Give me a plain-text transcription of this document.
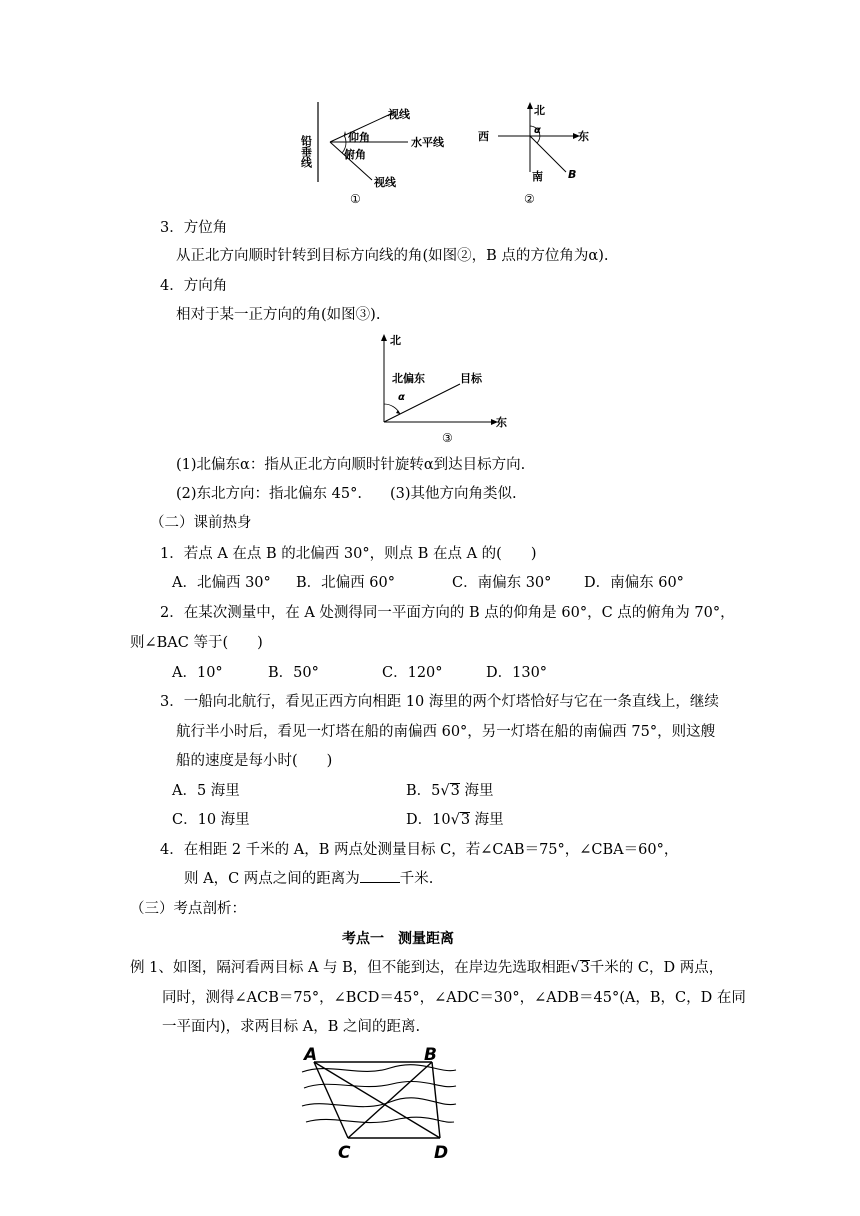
铅垂线
视线
仰角	水平线
俯角
视线
①
北
西	东
南
α
B
②
3．方位角
从正北方向顺时针转到目标方向线的角(如图②，B 点的方位角为α).
4．方向角
相对于某一正方向的角(如图③).
北
北偏东	目标
α
东
③
(1)北偏东α：指从正北方向顺时针旋转α到达目标方向.
(2)东北方向：指北偏东 45°. (3)其他方向角类似.
（二）课前热身
1．若点 A 在点 B 的北偏西 30°，则点 B 在点 A 的(　　)
A．北偏西 30° B．北偏西 60°	C．南偏东 30° D．南偏东 60°
2．在某次测量中，在 A 处测得同一平面方向的 B 点的仰角是 60°，C 点的俯角为 70°，
则∠BAC 等于(　　)
A．10°	B．50°	C．120°	D．130°
3．一船向北航行，看见正西方向相距 10 海里的两个灯塔恰好与它在一条直线上，继续
航行半小时后，看见一灯塔在船的南偏西 60°，另一灯塔在船的南偏西 75°，则这艘
船的速度是每小时(　　)
A．5 海里	B．5√3 海里
C．10 海里	D．10√3 海里
4．在相距 2 千米的 A，B 两点处测量目标 C，若∠CAB＝75°，∠CBA＝60°，
则 A，C 两点之间的距离为	千米.
（三）考点剖析：
考点一　测量距离
例 1、如图，隔河看两目标 A 与 B，但不能到达，在岸边先选取相距√3千米的 C，D 两点，
同时，测得∠ACB＝75°，∠BCD＝45°，∠ADC＝30°，∠ADB＝45°(A，B，C，D 在同
一平面内)，求两目标 A，B 之间的距离.
A	B
C	D
